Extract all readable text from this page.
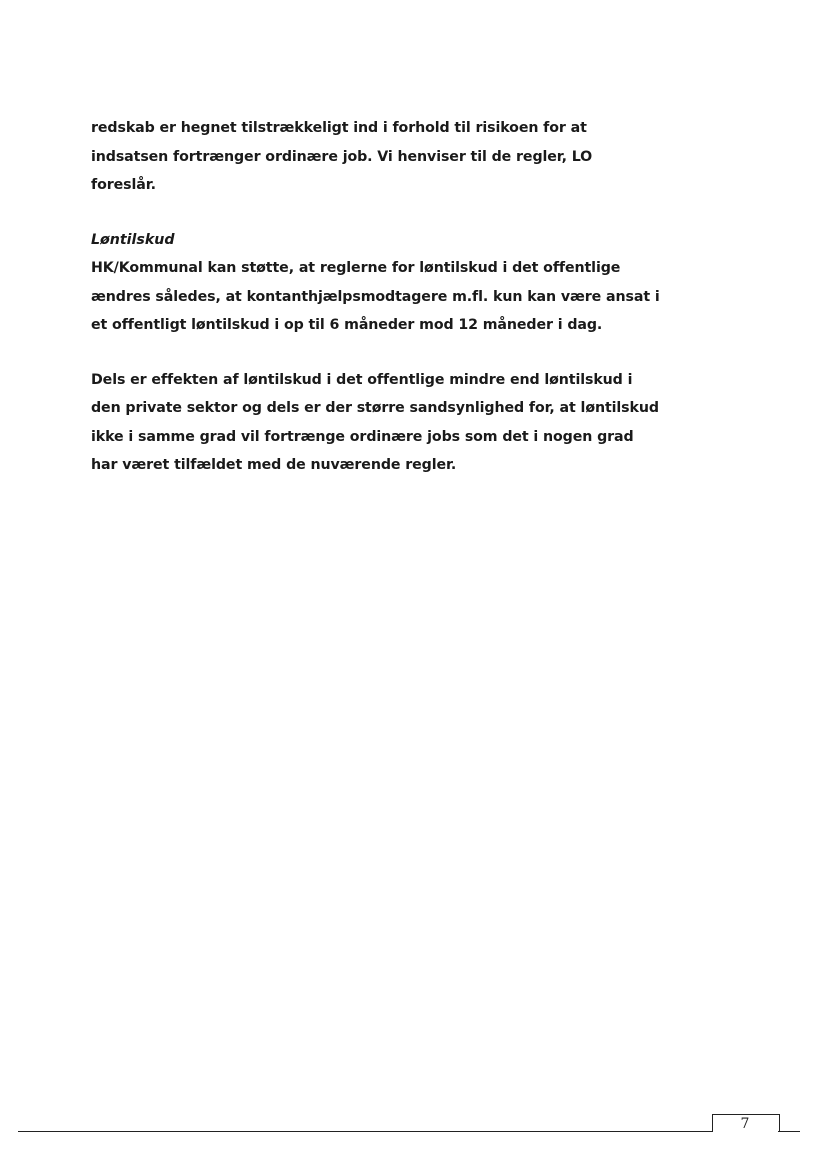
redskab er hegnet tilstrækkeligt ind i forhold til risikoen for at
indsatsen fortrænger ordinære job. Vi henviser til de regler, LO
foreslår.

Løntilskud

HK/Kommunal kan støtte, at reglerne for løntilskud i det offentlige
ændres således, at kontanthjælpsmodtagere m.fl. kun kan være ansat i
et offentligt løntilskud i op til 6 måneder mod 12 måneder i dag.

Dels er effekten af løntilskud i det offentlige mindre end løntilskud i
den private sektor og dels er der større sandsynlighed for, at løntilskud
ikke i samme grad vil fortrænge ordinære jobs som det i nogen grad
har været tilfældet med de nuværende regler.

7
